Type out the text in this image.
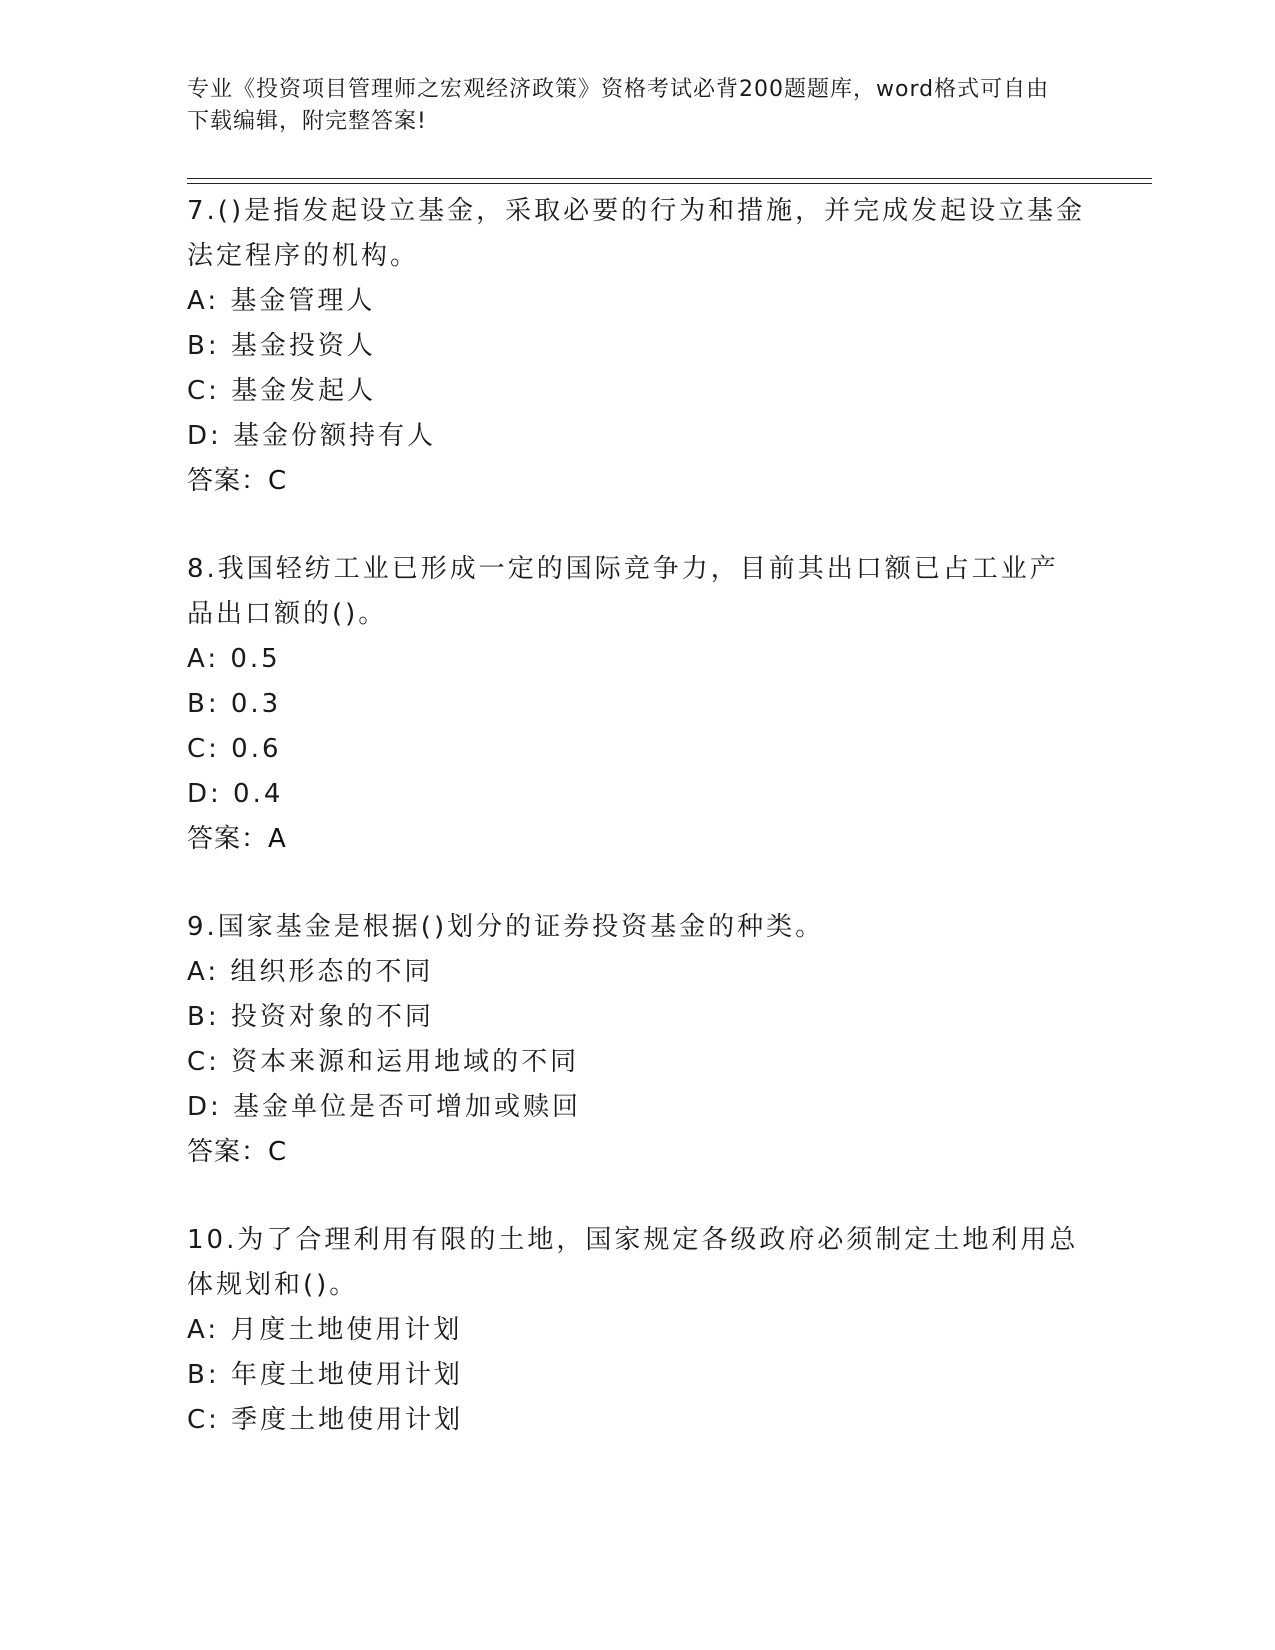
专业《投资项目管理师之宏观经济政策》资格考试必背200题题库，word格式可自由下载编辑，附完整答案!

7.()是指发起设立基金，采取必要的行为和措施，并完成发起设立基金法定程序的机构。

A: 基金管理人

B: 基金投资人

C: 基金发起人

D: 基金份额持有人

答案：C

8.我国轻纺工业已形成一定的国际竞争力，目前其出口额已占工业产品出口额的()。

A: 0.5

B: 0.3

C: 0.6

D: 0.4

答案：A

9.国家基金是根据()划分的证券投资基金的种类。

A: 组织形态的不同

B: 投资对象的不同

C: 资本来源和运用地域的不同

D: 基金单位是否可增加或赎回

答案：C

10.为了合理利用有限的土地，国家规定各级政府必须制定土地利用总体规划和()。

A: 月度土地使用计划

B: 年度土地使用计划

C: 季度土地使用计划
